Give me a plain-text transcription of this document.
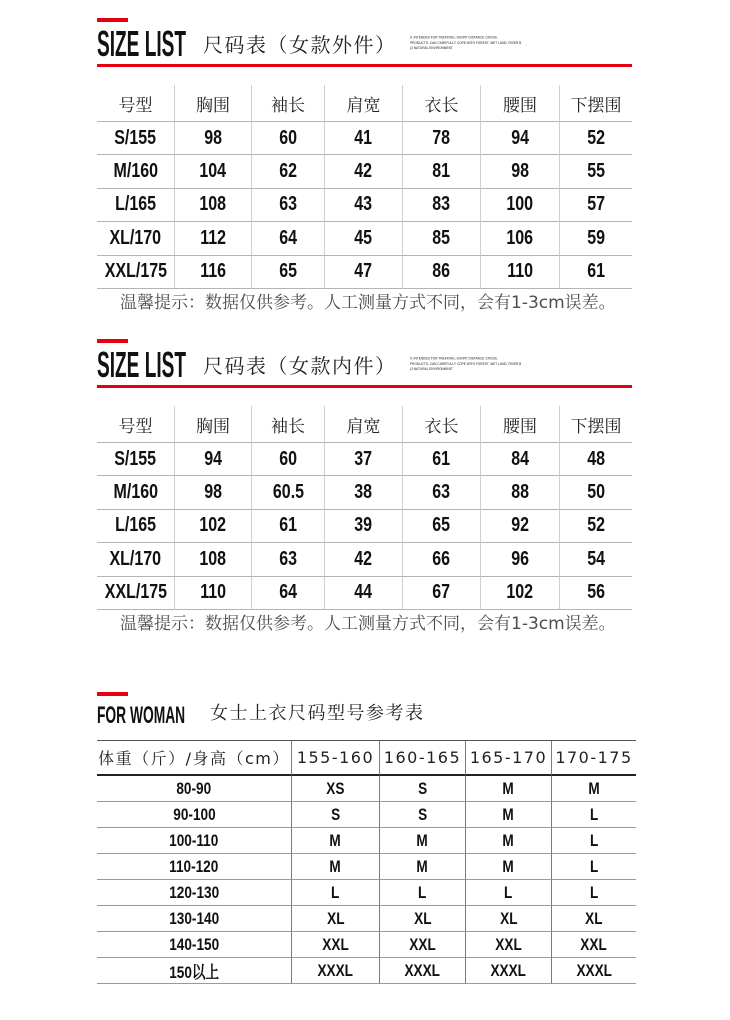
SIZE LIST 尺码表（女款外件） 9. INTENDED FOR TREKKING, SHORT DISTANCE CROSS,
PRODUCTS, CAN CAREFULLY COPE WITH FOREST, WET LAND, RIVER B
(3 NATURAL ENVIRONMENT
号型	胸围 袖长 肩宽	衣长	腰围 下摆围
S/155 98	60	41	78	94	52
M/160 104	62	42	81	98	55
L/165 108	63	43	83	100	57
XL/170 112	64	45	85	106	59
XXL/175 116	65	47	86	110	61
温馨提示：数据仅供参考。人工测量方式不同，会有1-3cm误差。
SIZE LIST 尺码表（女款内件） 9. INTENDED FOR TREKKING, SHORT DISTANCE CROSS,
PRODUCTS, CAN CAREFULLY COPE WITH FOREST, WET LAND, RIVER B
(3 NATURAL ENVIRONMENT
号型	胸围 袖长 肩宽	衣长	腰围 下摆围
S/155 94	60	37	61	84	48
M/160 98	60.5	38	63	88	50
L/165 102	61	39	65	92	52
XL/170 108	63	42	66	96	54
XXL/175 110	64	44	67	102	56
温馨提示：数据仅供参考。人工测量方式不同，会有1-3cm误差。
FOR WOMAN 女士上衣尺码型号参考表
体重（斤）/身高（cm） 155-160 160-165 165-170 170-175
80-90	XS	S	M	M
90-100	S	S	M	L
100-110	M	M	M	L
110-120	M	M	M	L
120-130	L	L	L	L
130-140	XL	XL	XL	XL
140-150	XXL	XXL	XXL	XXL
150以上	XXXL	XXXL	XXXL	XXXL
